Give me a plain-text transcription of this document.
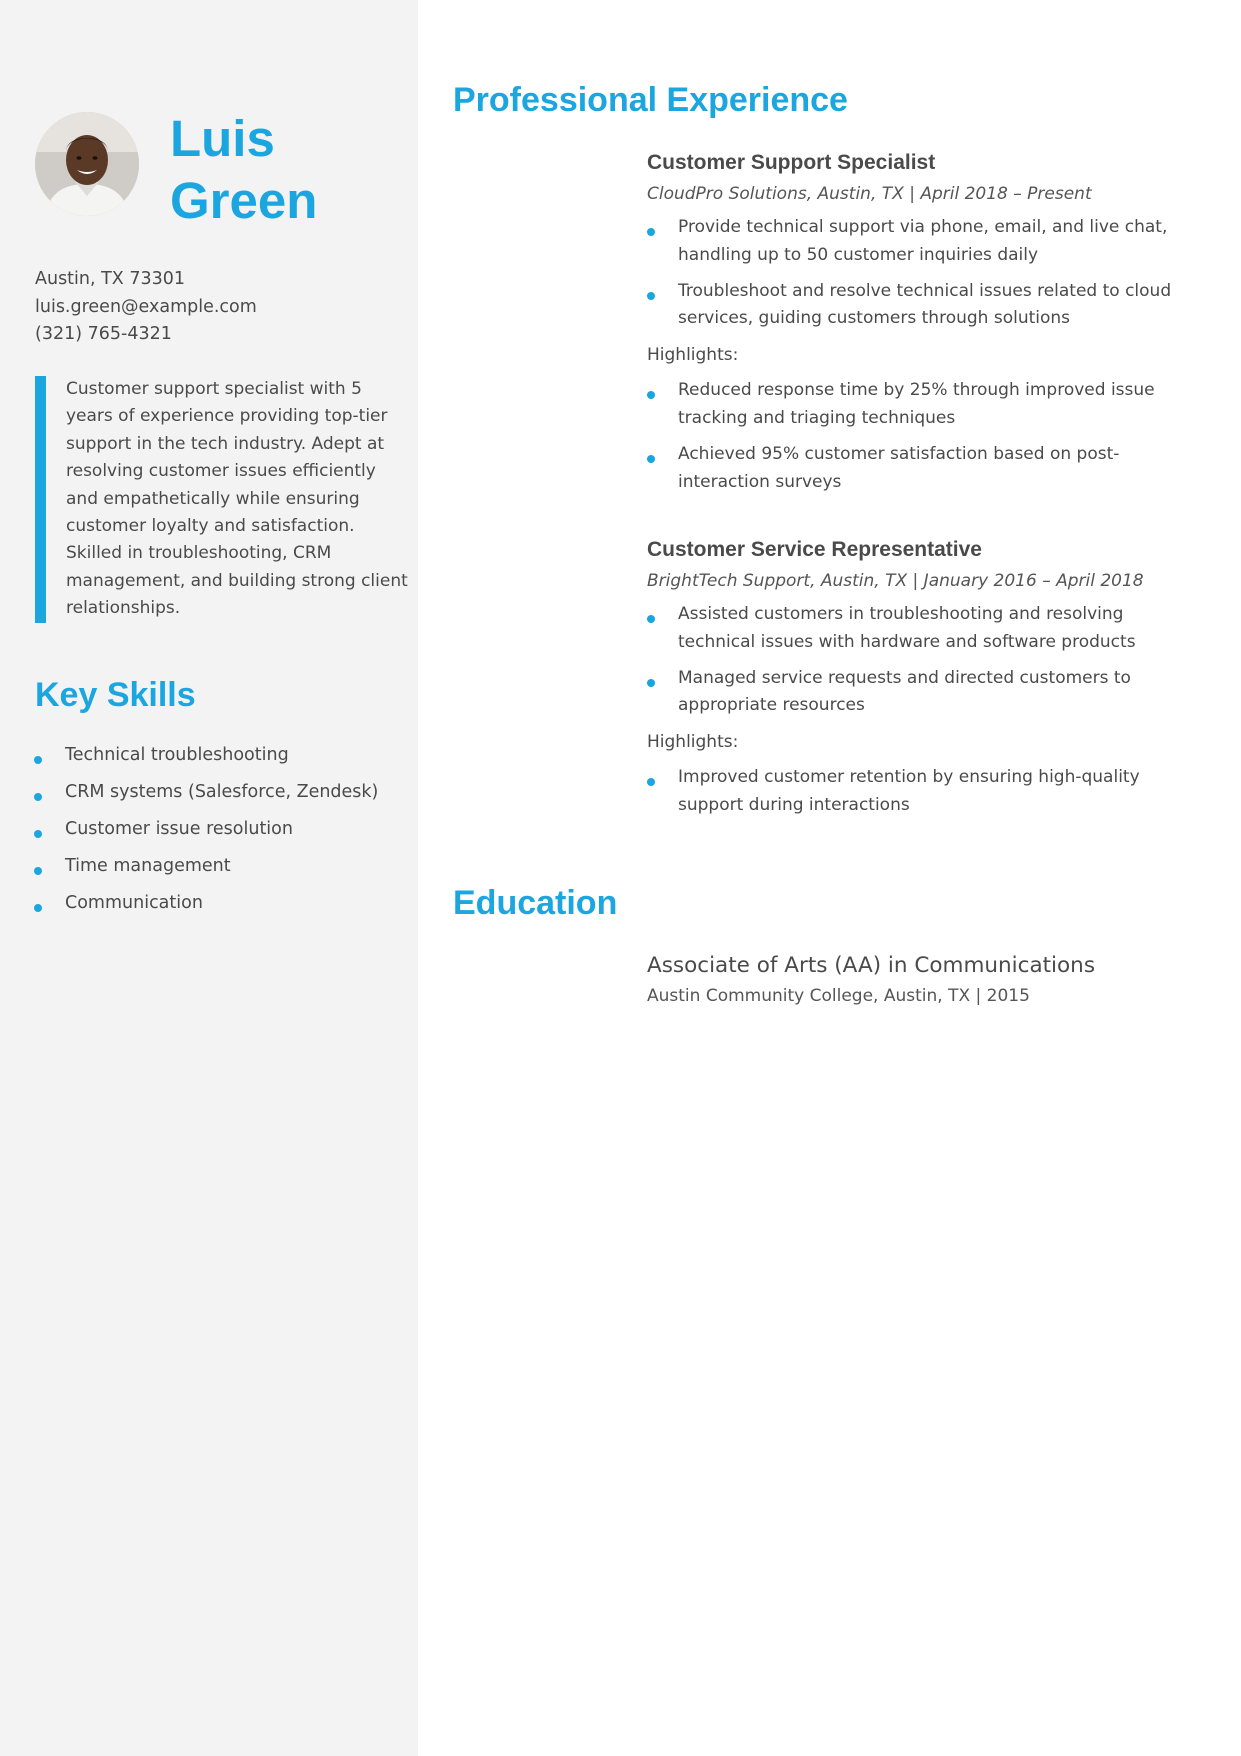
Luis
Green
Austin, TX 73301
luis.green@example.com
(321) 765-4321
Customer support specialist with 5 years of experience providing top-tier support in the tech industry. Adept at resolving customer issues efficiently and empathetically while ensuring customer loyalty and satisfaction. Skilled in troubleshooting, CRM management, and building strong client relationships.
Key Skills
Technical troubleshooting
CRM systems (Salesforce, Zendesk)
Customer issue resolution
Time management
Communication
Professional Experience
Customer Support Specialist
CloudPro Solutions, Austin, TX | April 2018 – Present
Provide technical support via phone, email, and live chat, handling up to 50 customer inquiries daily
Troubleshoot and resolve technical issues related to cloud services, guiding customers through solutions
Highlights:
Reduced response time by 25% through improved issue tracking and triaging techniques
Achieved 95% customer satisfaction based on post-interaction surveys
Customer Service Representative
BrightTech Support, Austin, TX | January 2016 – April 2018
Assisted customers in troubleshooting and resolving technical issues with hardware and software products
Managed service requests and directed customers to appropriate resources
Highlights:
Improved customer retention by ensuring high-quality support during interactions
Education
Associate of Arts (AA) in Communications
Austin Community College, Austin, TX | 2015
